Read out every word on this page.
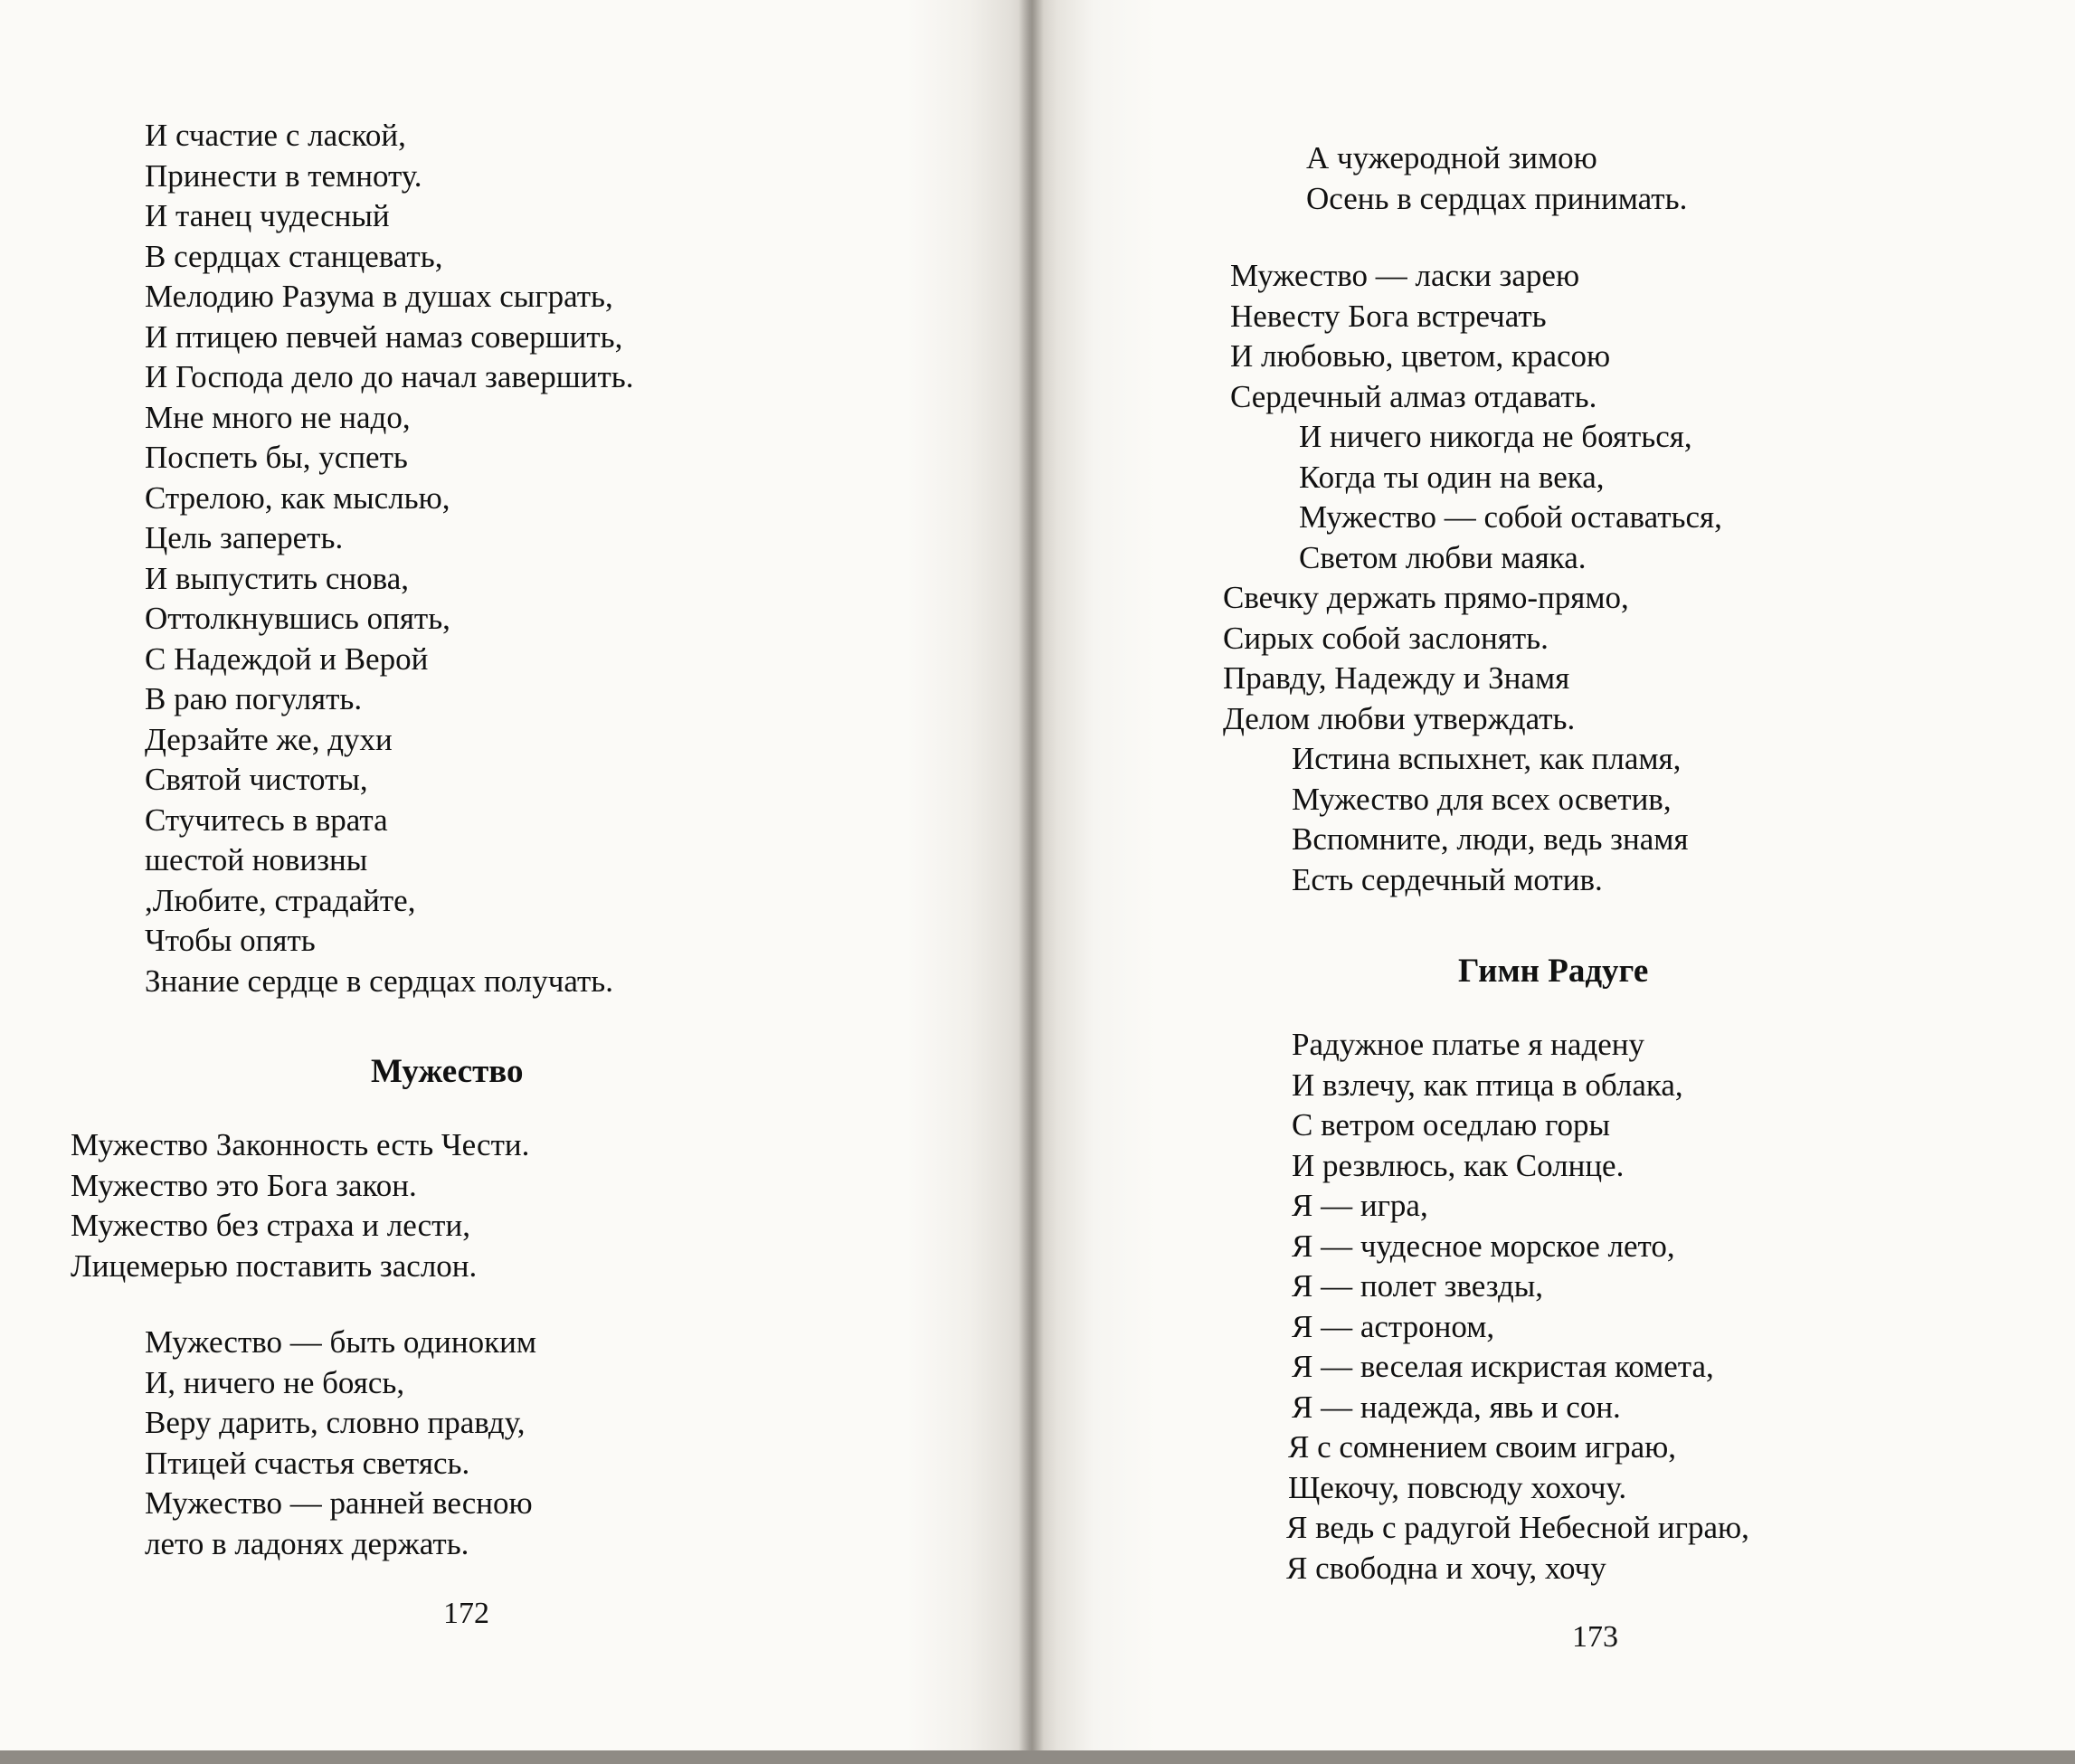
И счастие с лаской,
Принести в темноту.
И танец чудесный
В сердцах станцевать,
Мелодию Разума в душах сыграть,
И птицею певчей намаз совершить,
И Господа дело до начал завершить.
Мне много не надо,
Поспеть бы, успеть
Стрелою, как мыслью,
Цель запереть.
И выпустить снова,
Оттолкнувшись опять,
С Надеждой и Верой
В раю погулять.
Дерзайте же, духи
Святой чистоты,
Стучитесь в врата
шестой новизны
,Любите, страдайте,
Чтобы опять
Знание сердце в сердцах получать.
Мужество
Мужество Законность есть Чести.
Мужество это Бога закон.
Мужество без страха и лести,
Лицемерью поставить заслон.
Мужество — быть одиноким
И, ничего не боясь,
Веру дарить, словно правду,
Птицей счастья светясь.
Мужество — ранней весною
лето в ладонях держать.
172
А чужеродной зимою
Осень в сердцах принимать.
Мужество — ласки зарею
Невесту Бога встречать
И любовью, цветом, красою
Сердечный алмаз отдавать.
И ничего никогда не бояться,
Когда ты один на века,
Мужество — собой оставаться,
Светом любви маяка.
Свечку держать прямо-прямо,
Сирых собой заслонять.
Правду, Надежду и Знамя
Делом любви утверждать.
Истина вспыхнет, как пламя,
Мужество для всех осветив,
Вспомните, люди, ведь знамя
Есть сердечный мотив.
Гимн Радуге
Радужное платье я надену
И взлечу, как птица в облака,
С ветром оседлаю горы
И резвлюсь, как Солнце.
Я — игра,
Я — чудесное морское лето,
Я — полет звезды,
Я — астроном,
Я — веселая искристая комета,
Я — надежда, явь и сон.
Я с сомнением своим играю,
Щекочу, повсюду хохочу.
Я ведь с радугой Небесной играю,
Я свободна и хочу, хочу
173
